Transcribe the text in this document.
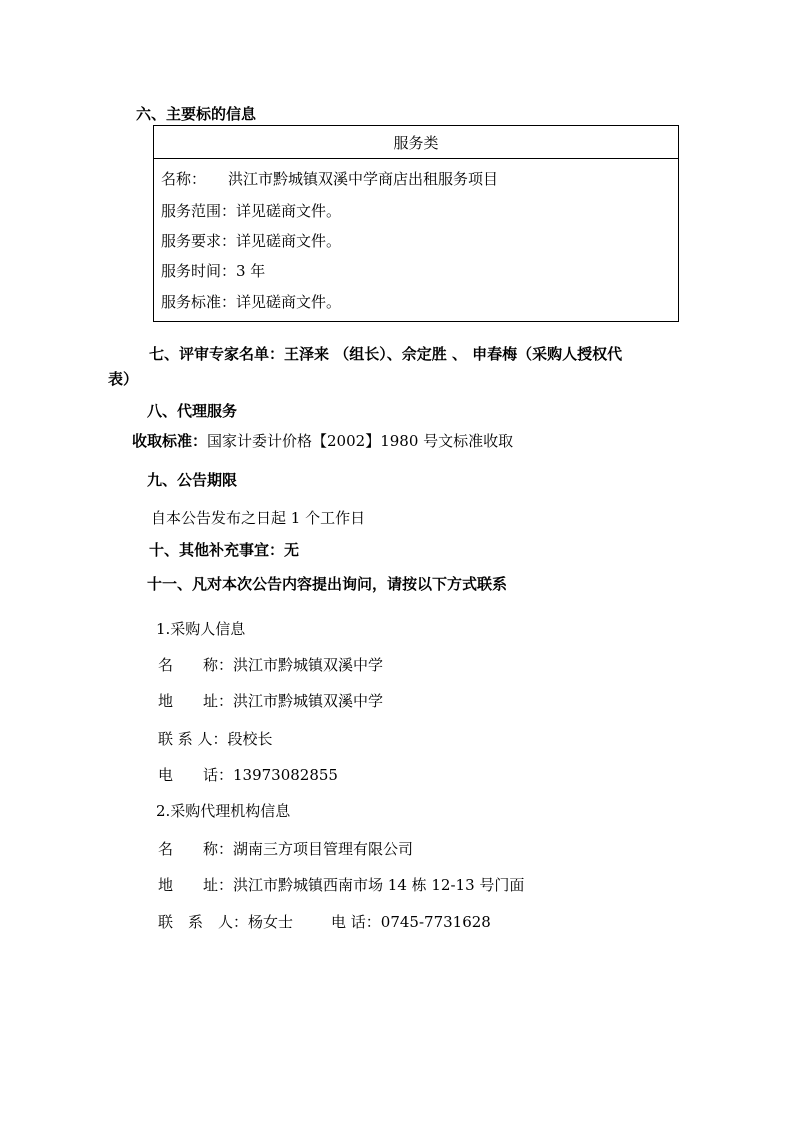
六、主要标的信息
服务类
名称： 洪江市黔城镇双溪中学商店出租服务项目
服务范围：详见磋商文件。
服务要求：详见磋商文件。
服务时间：3 年
服务标准：详见磋商文件。
七、评审专家名单：王泽来 （组长）、佘定胜 、 申春梅（采购人授权代
表）
八、代理服务
收取标准：国家计委计价格【2002】1980 号文标准收取
九、公告期限
自本公告发布之日起 1 个工作日
十、其他补充事宜：无
十一、凡对本次公告内容提出询问，请按以下方式联系
1.采购人信息
名　　称：洪江市黔城镇双溪中学
地　　址：洪江市黔城镇双溪中学
联 系 人：段校长
电　　话：13973082855
2.采购代理机构信息
名　　称：湖南三方项目管理有限公司
地　　址：洪江市黔城镇西南市场 14 栋 12-13 号门面
联　系　人：杨女士	电 话：0745-7731628
